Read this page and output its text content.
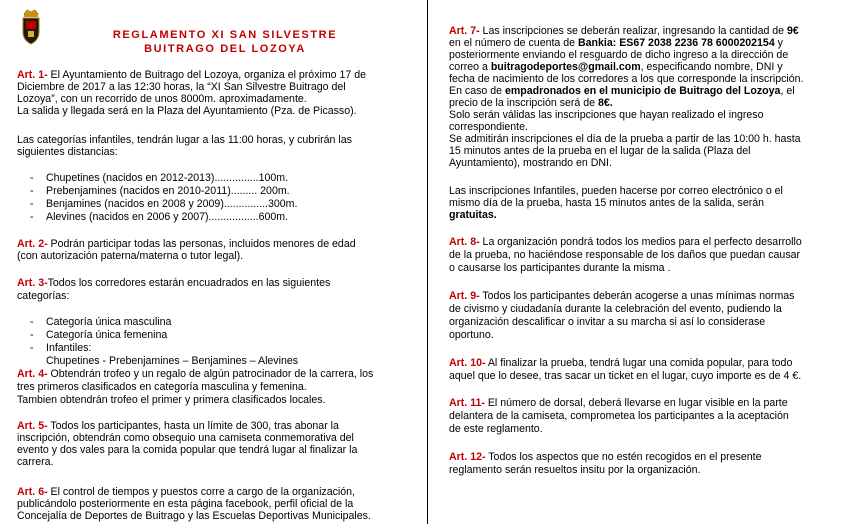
REGLAMENTO XI SAN SILVESTRE
BUITRAGO DEL LOZOYA
Art. 1- El Ayuntamiento de Buitrago del Lozoya, organiza el próximo 17 de
Diciembre de 2017 a las 12:30 horas, la “XI San Silvestre Buitrago del
Lozoya”, con un recorrido de unos 8000m. aproximadamente.
La salida y llegada será en la Plaza del Ayuntamiento (Pza. de Picasso).
Las categorías infantiles, tendrán lugar a las 11:00 horas, y cubrirán las
siguientes distancias:
- Chupetines (nacidos en 2012-2013)...............100m.
- Prebenjamines (nacidos en 2010-2011)......... 200m.
- Benjamines (nacidos en 2008 y 2009)...............300m.
- Alevines (nacidos en 2006 y 2007).................600m.
Art. 2- Podrán participar todas las personas, incluidos menores de edad
(con autorización paterna/materna o tutor legal).
Art. 3-Todos los corredores estarán encuadrados en las siguientes
categorías:
- Categoría única masculina
- Categoría única femenina
- Infantiles:
Chupetines - Prebenjamines – Benjamines – Alevines
Art. 4- Obtendrán trofeo y un regalo de algún patrocinador de la carrera, los
tres primeros clasificados en categoría masculina y femenina.
Tambien obtendrán trofeo el primer y primera clasificados locales.
Art. 5- Todos los participantes, hasta un límite de 300, tras abonar la
inscripción, obtendrán como obsequio una camiseta conmemorativa del
evento y dos vales para la comida popular que tendrá lugar al finalizar la
carrera.
Art. 6- El control de tiempos y puestos corre a cargo de la organización,
publicándolo posteriormente en esta página facebook, perfil oficial de la
Concejalía de Deportes de Buitrago y las Escuelas Deportivas Municipales.
Art. 7- Las inscripciones se deberán realizar, ingresando la cantidad de 9€
en el número de cuenta de Bankia: ES67 2038 2236 78 6000202154 y
posteriormente enviando el resguardo de dicho ingreso a la dirección de
correo a buitragodeportes@gmail.com, especificando nombre, DNI y
fecha de nacimiento de los corredores a los que corresponde la inscripción.
En caso de empadronados en el municipio de Buitrago del Lozoya, el
precio de la inscripción será de 8€.
Solo serán válidas las inscripciones que hayan realizado el ingreso
correspondiente.
Se admitirán inscripciones el día de la prueba a partir de las 10:00 h. hasta
15 minutos antes de la prueba en el lugar de la salida (Plaza del
Ayuntamiento), mostrando en DNI.
Las inscripciones Infantiles, pueden hacerse por correo electrónico o el
mismo día de la prueba, hasta 15 minutos antes de la salida, serán
gratuitas.
Art. 8- La organización pondrá todos los medios para el perfecto desarrollo
de la prueba, no haciéndose responsable de los daños que puedan causar
o causarse los participantes durante la misma .
Art. 9- Todos los participantes deberán acogerse a unas mínimas normas
de civismo y ciudadanía durante la celebración del evento, pudiendo la
organización descalificar o invitar a su marcha si así lo considerase
oportuno.
Art. 10- Al finalizar la prueba, tendrá lugar una comida popular, para todo
aquel que lo desee, tras sacar un ticket en el lugar, cuyo importe es de 4 €.
Art. 11- El número de dorsal, deberá llevarse en lugar visible en la parte
delantera de la camiseta, comprometea los participantes a la aceptación
de este reglamento.
Art. 12- Todos los aspectos que no estén recogidos en el presente
reglamento serán resueltos insitu por la organización.
